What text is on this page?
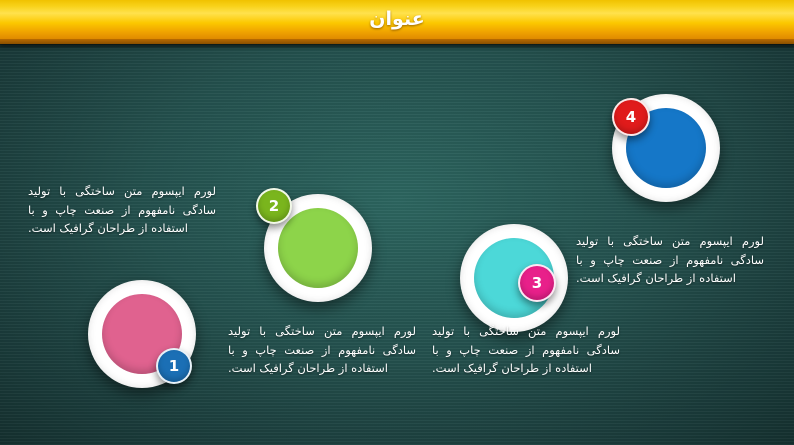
عنوان
1
لورم ایپسوم متن ساختگی با تولید سادگی نامفهوم از صنعت چاپ و با استفاده از طراحان گرافیک است.
2
لورم ایپسوم متن ساختگی با تولید سادگی نامفهوم از صنعت چاپ و با استفاده از طراحان گرافیک است.
3
لورم ایپسوم متن ساختگی با تولید سادگی نامفهوم از صنعت چاپ و با استفاده از طراحان گرافیک است.
4
لورم ایپسوم متن ساختگی با تولید سادگی نامفهوم از صنعت چاپ و با استفاده از طراحان گرافیک است.
